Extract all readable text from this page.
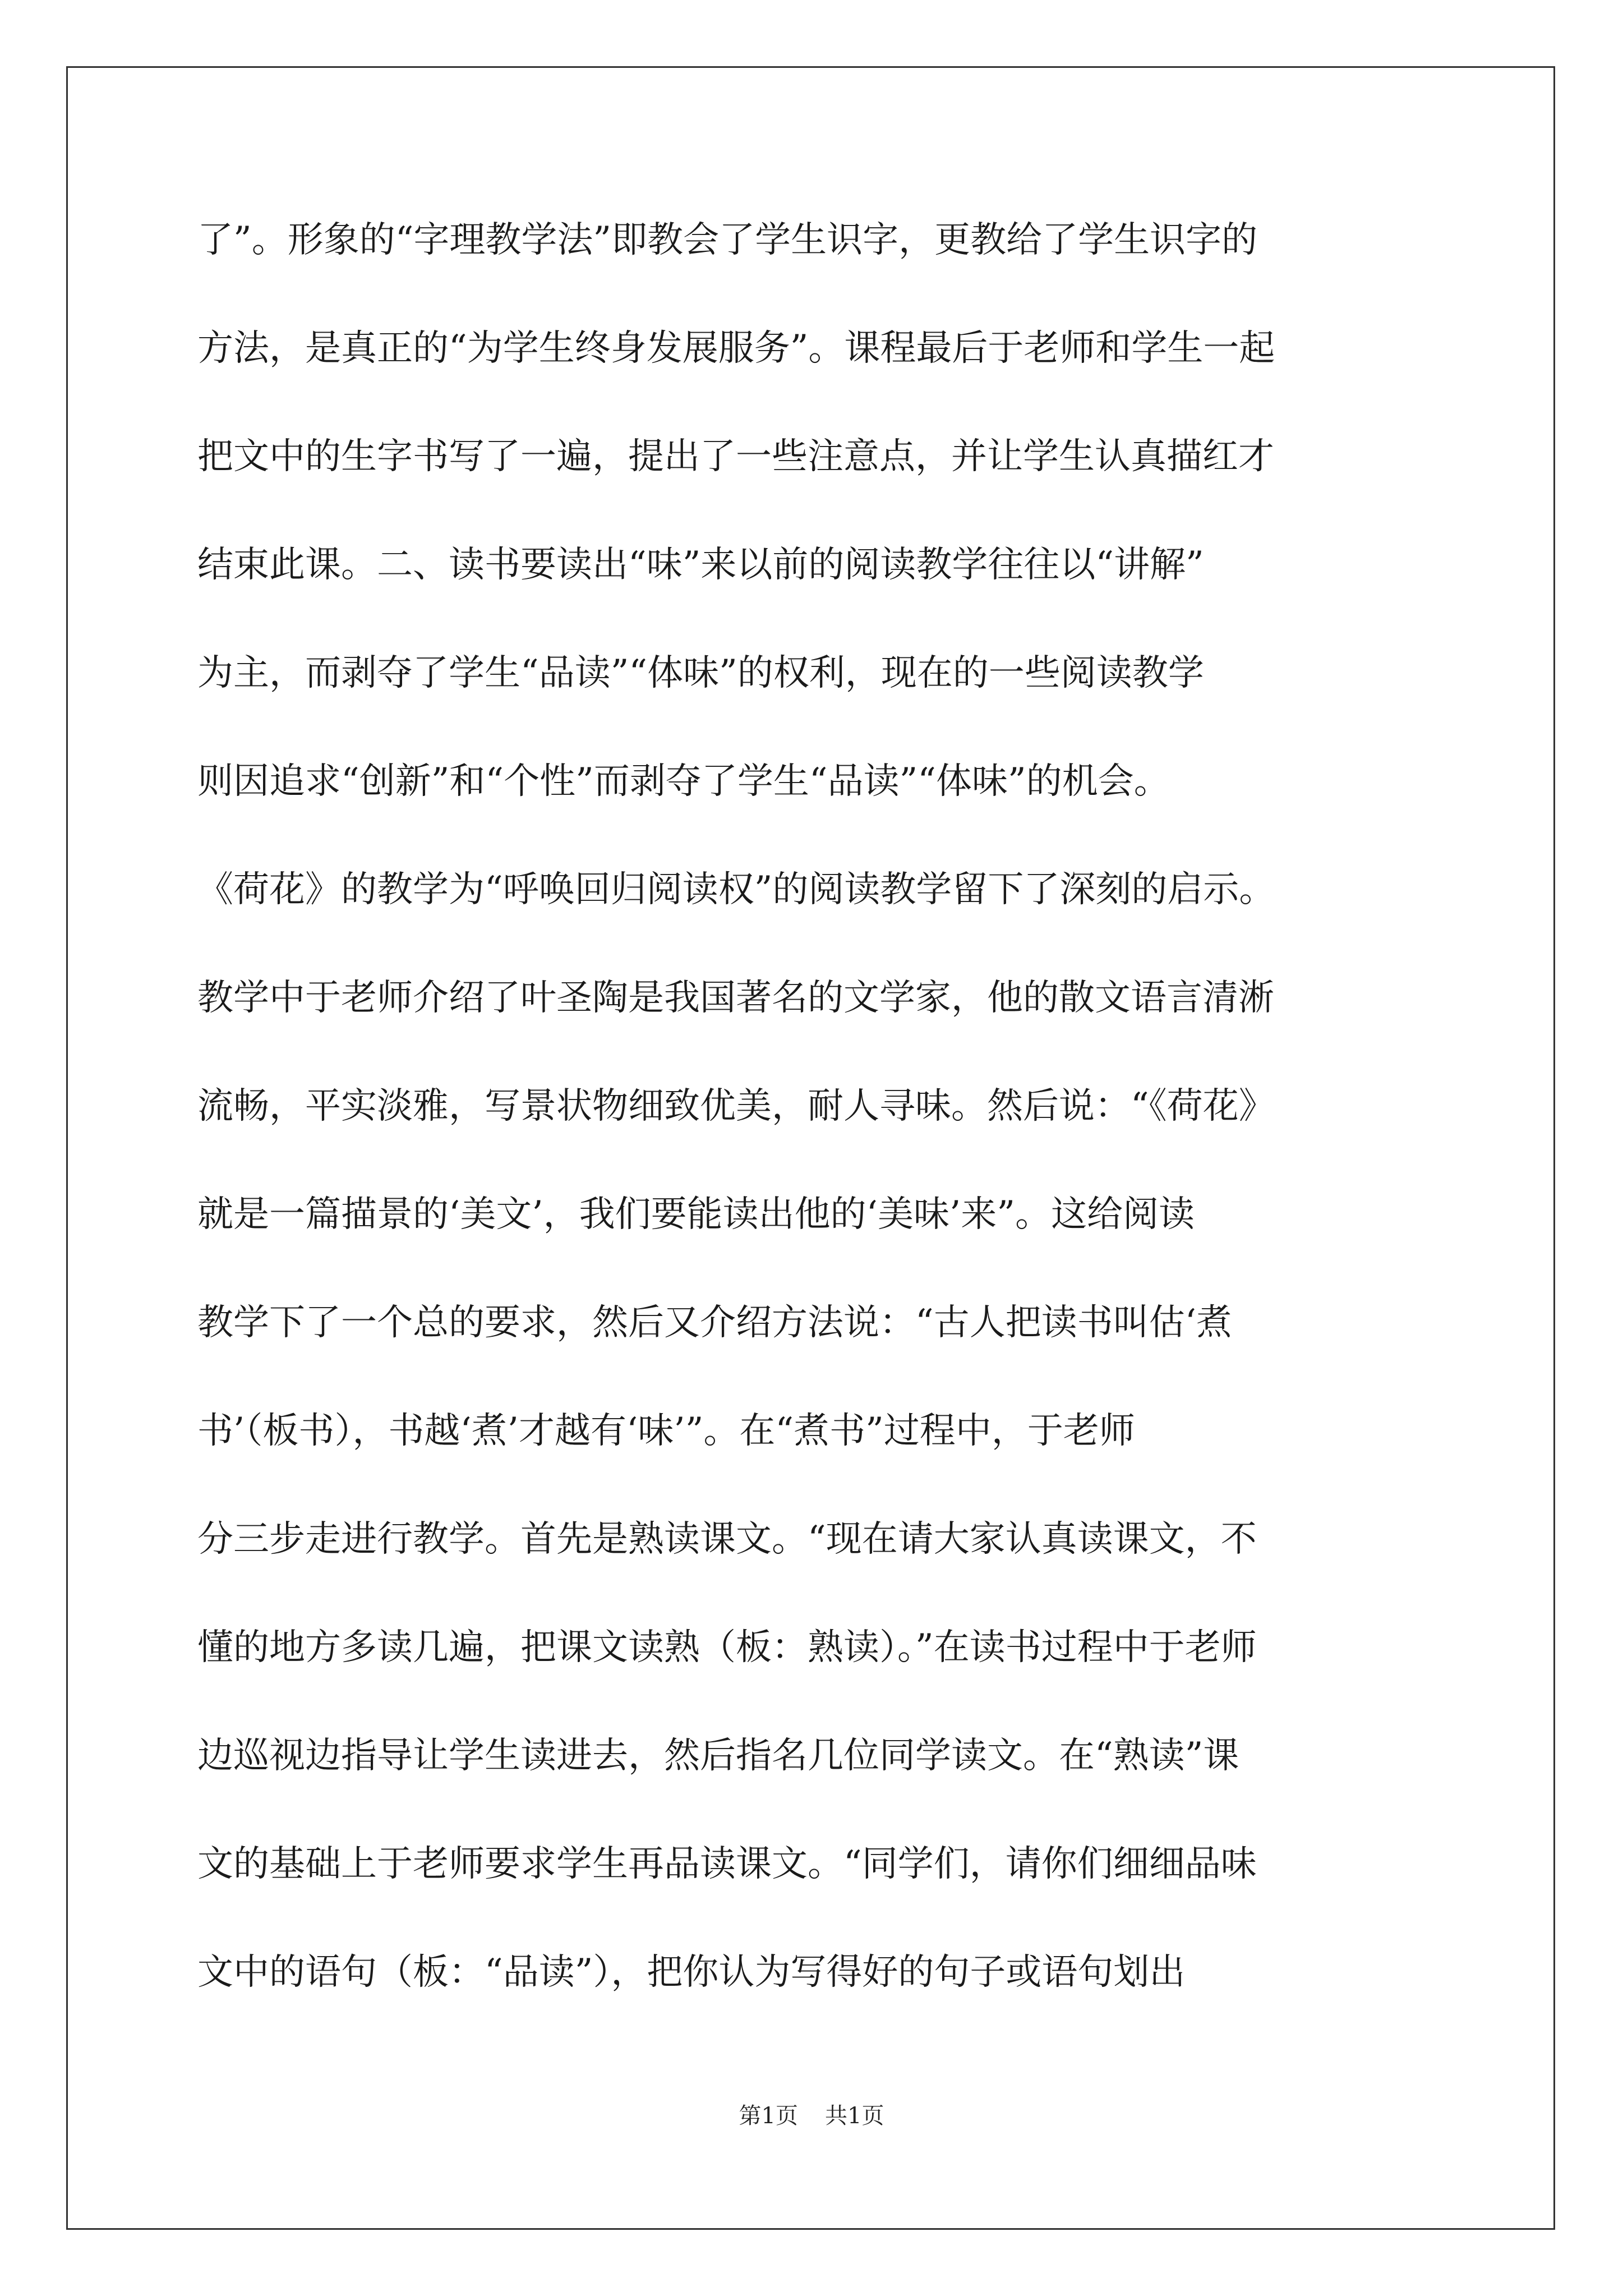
了”。形象的“字理教学法”即教会了学生识字，更教给了学生识字的
方法，是真正的“为学生终身发展服务”。课程最后于老师和学生一起
把文中的生字书写了一遍，提出了一些注意点，并让学生认真描红才
结束此课。二、读书要读出“味”来以前的阅读教学往往以“讲解”
为主，而剥夺了学生“品读”“体味”的权利，现在的一些阅读教学
则因追求“创新”和“个性”而剥夺了学生“品读”“体味”的机会。
《荷花》的教学为“呼唤回归阅读权”的阅读教学留下了深刻的启示。
教学中于老师介绍了叶圣陶是我国著名的文学家，他的散文语言清淅
流畅，平实淡雅，写景状物细致优美，耐人寻味。然后说：“《荷花》
就是一篇描景的‘美文’，我们要能读出他的‘美味’来”。这给阅读
教学下了一个总的要求，然后又介绍方法说：“古人把读书叫估‘煮
书’（板书），书越‘煮’才越有‘味’”。在“煮书”过程中，于老师
分三步走进行教学。首先是熟读课文。“现在请大家认真读课文，不
懂的地方多读几遍，把课文读熟（板：熟读）。”在读书过程中于老师
边巡视边指导让学生读进去，然后指名几位同学读文。在“熟读”课
文的基础上于老师要求学生再品读课文。“同学们，请你们细细品味
文中的语句（板：“品读”），把你认为写得好的句子或语句划出
第1页 共1页
